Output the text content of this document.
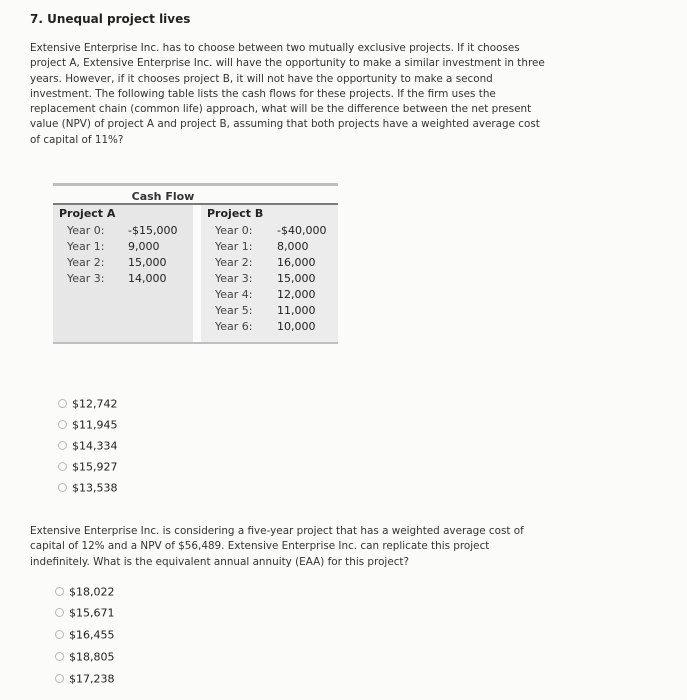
7. Unequal project lives
Extensive Enterprise Inc. has to choose between two mutually exclusive projects. If it chooses
project A, Extensive Enterprise Inc. will have the opportunity to make a similar investment in three
years. However, if it chooses project B, it will not have the opportunity to make a second
investment. The following table lists the cash flows for these projects. If the firm uses the
replacement chain (common life) approach, what will be the difference between the net present
value (NPV) of project A and project B, assuming that both projects have a weighted average cost
of capital of 11%?
Cash Flow
Project A
Year 0: -$15,000
Year 1: 9,000
Year 2: 15,000
Year 3: 14,000
Project B
Year 0: -$40,000
Year 1: 8,000
Year 2: 16,000
Year 3: 15,000
Year 4: 12,000
Year 5: 11,000
Year 6: 10,000
$12,742
$11,945
$14,334
$15,927
$13,538
Extensive Enterprise Inc. is considering a five-year project that has a weighted average cost of
capital of 12% and a NPV of $56,489. Extensive Enterprise Inc. can replicate this project
indefinitely. What is the equivalent annual annuity (EAA) for this project?
$18,022
$15,671
$16,455
$18,805
$17,238
